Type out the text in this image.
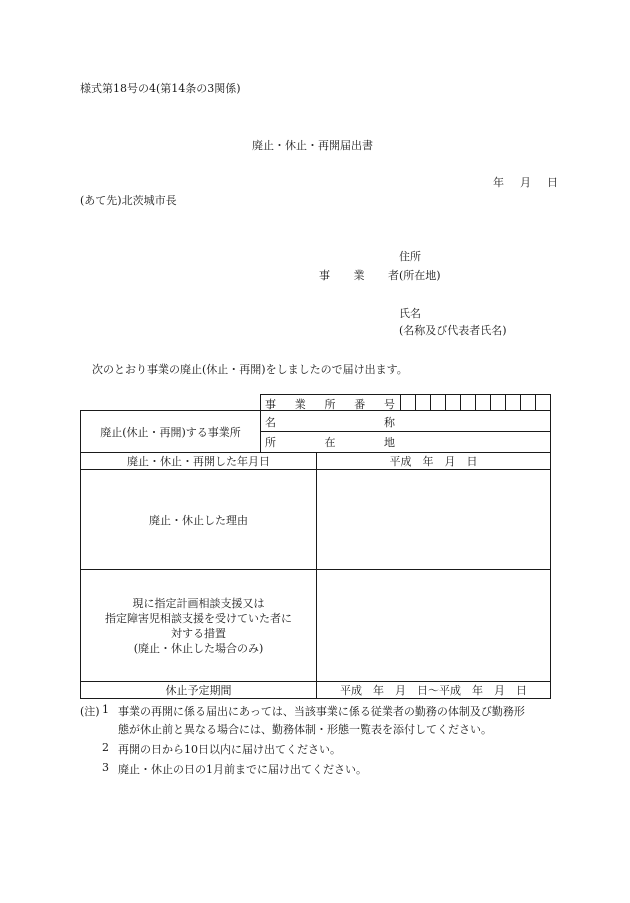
様式第18号の4(第14条の3関係)
廃止・休止・再開届出書
年 月 日
(あて先)北茨城市長
住所
事 業 者 (所在地)
氏名
(名称及び代表者氏名)
次のとおり事業の廃止(休止・再開)をしましたので届け出ます。
事 業 所 番 号
廃止(休止・再開)する事業所
名	称
所	在	地
廃止・休止・再開した年月日	平成　年　月　日
廃止・休止した理由
現に指定計画相談支援又は
指定障害児相談支援を受けていた者に
対する措置
(廃止・休止した場合のみ)
休止予定期間	平成　年　月　日～平成　年　月　日
(注) 1 事業の再開に係る届出にあっては、当該事業に係る従業者の勤務の体制及び勤務形
態が休止前と異なる場合には、勤務体制・形態一覧表を添付してください。
2 再開の日から10日以内に届け出てください。
3 廃止・休止の日の1月前までに届け出てください。
